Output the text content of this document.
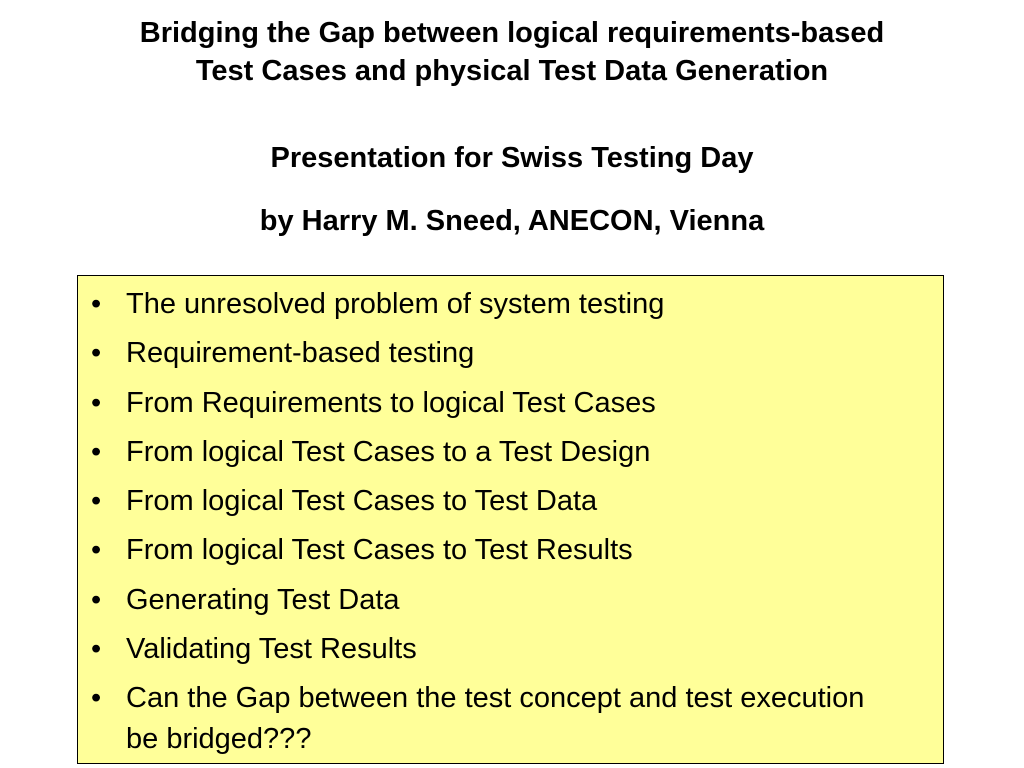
Bridging the Gap between logical requirements-based
Test Cases and physical Test Data Generation
Presentation for Swiss Testing Day
by Harry M. Sneed, ANECON, Vienna
• The unresolved problem of system testing
• Requirement-based testing
• From Requirements to logical Test Cases
• From logical Test Cases to a Test Design
• From logical Test Cases to Test Data
• From logical Test Cases to Test Results
• Generating Test Data
• Validating Test Results
• Can the Gap between the test concept and test execution be bridged???
